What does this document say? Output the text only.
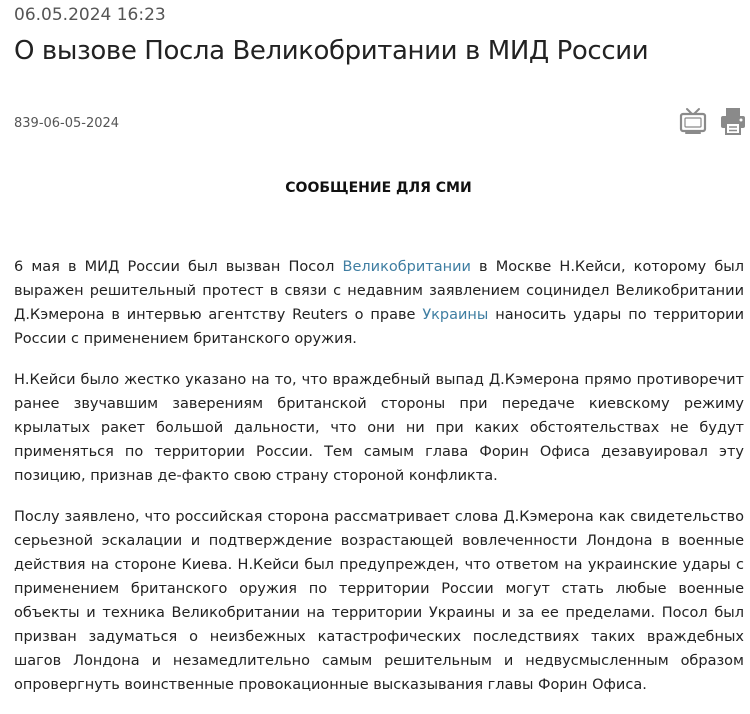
06.05.2024 16:23
О вызове Посла Великобритании в МИД России
839-06-05-2024
СООБЩЕНИЕ ДЛЯ СМИ

6 мая в МИД России был вызван Посол Великобритании в Москве Н.Кейси, которому был выражен решительный протест в связи с недавним заявлением социнидел Великобритании Д.Кэмерона в интервью агентству Reuters о праве Украины наносить удары по территории России с применением британского оружия.

Н.Кейси было жестко указано на то, что враждебный выпад Д.Кэмерона прямо противоречит ранее звучавшим заверениям британской стороны при передаче киевскому режиму крылатых ракет большой дальности, что они ни при каких обстоятельствах не будут применяться по территории России. Тем самым глава Форин Офиса дезавуировал эту позицию, признав де-факто свою страну стороной конфликта.

Послу заявлено, что российская сторона рассматривает слова Д.Кэмерона как свидетельство серьезной эскалации и подтверждение возрастающей вовлеченности Лондона в военные действия на стороне Киева. Н.Кейси был предупрежден, что ответом на украинские удары с применением британского оружия по территории России могут стать любые военные объекты и техника Великобритании на территории Украины и за ее пределами. Посол был призван задуматься о неизбежных катастрофических последствиях таких враждебных шагов Лондона и незамедлительно самым решительным и недвусмысленным образом опровергнуть воинственные провокационные высказывания главы Форин Офиса.
